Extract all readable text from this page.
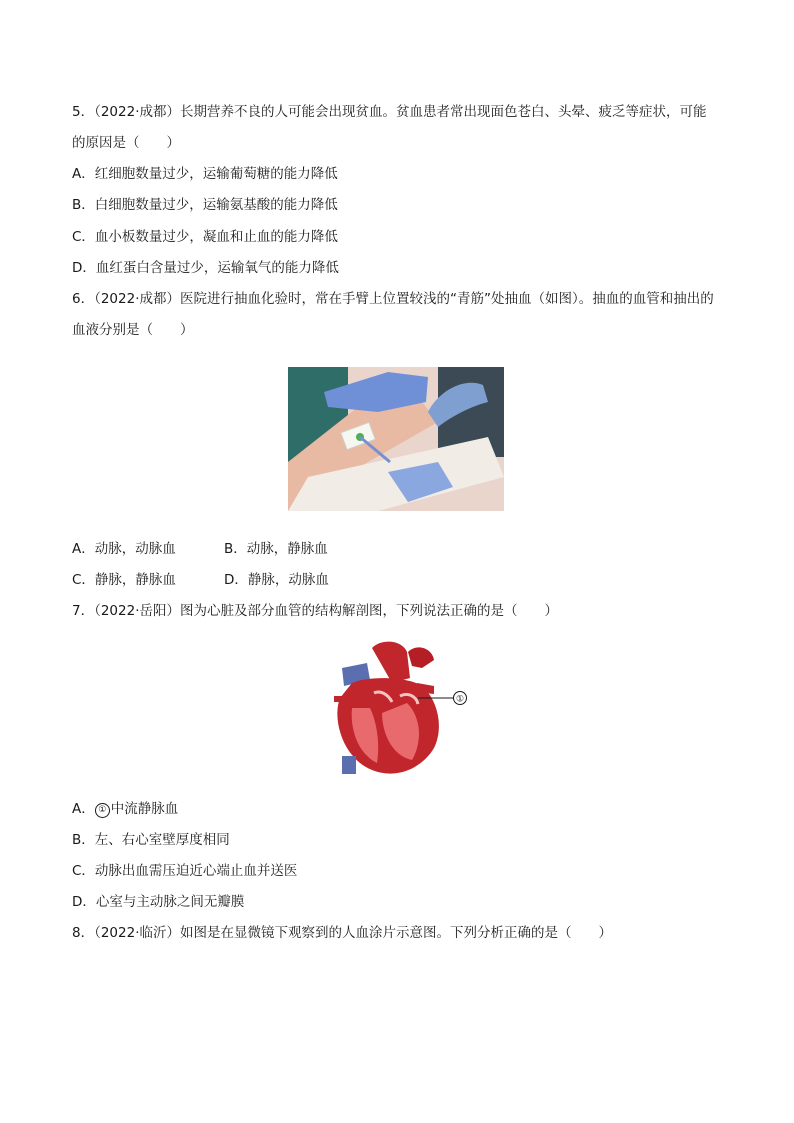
5．（2022·成都）长期营养不良的人可能会出现贫血。贫血患者常出现面色苍白、头晕、疲乏等症状，可能
的原因是（　　）
A．红细胞数量过少，运输葡萄糖的能力降低
B．白细胞数量过少，运输氨基酸的能力降低
C．血小板数量过少，凝血和止血的能力降低
D．血红蛋白含量过少，运输氧气的能力降低
6．（2022·成都）医院进行抽血化验时，常在手臂上位置较浅的“青筋”处抽血（如图）。抽血的血管和抽出的
血液分别是（　　）
A．动脉，动脉血	B．动脉，静脉血
C．静脉，静脉血	D．静脉，动脉血
7．（2022·岳阳）图为心脏及部分血管的结构解剖图，下列说法正确的是（　　）
①
A． ① 中流静脉血
B．左、右心室壁厚度相同
C．动脉出血需压迫近心端止血并送医
D．心室与主动脉之间无瓣膜
8．（2022·临沂）如图是在显微镜下观察到的人血涂片示意图。下列分析正确的是（　　）
